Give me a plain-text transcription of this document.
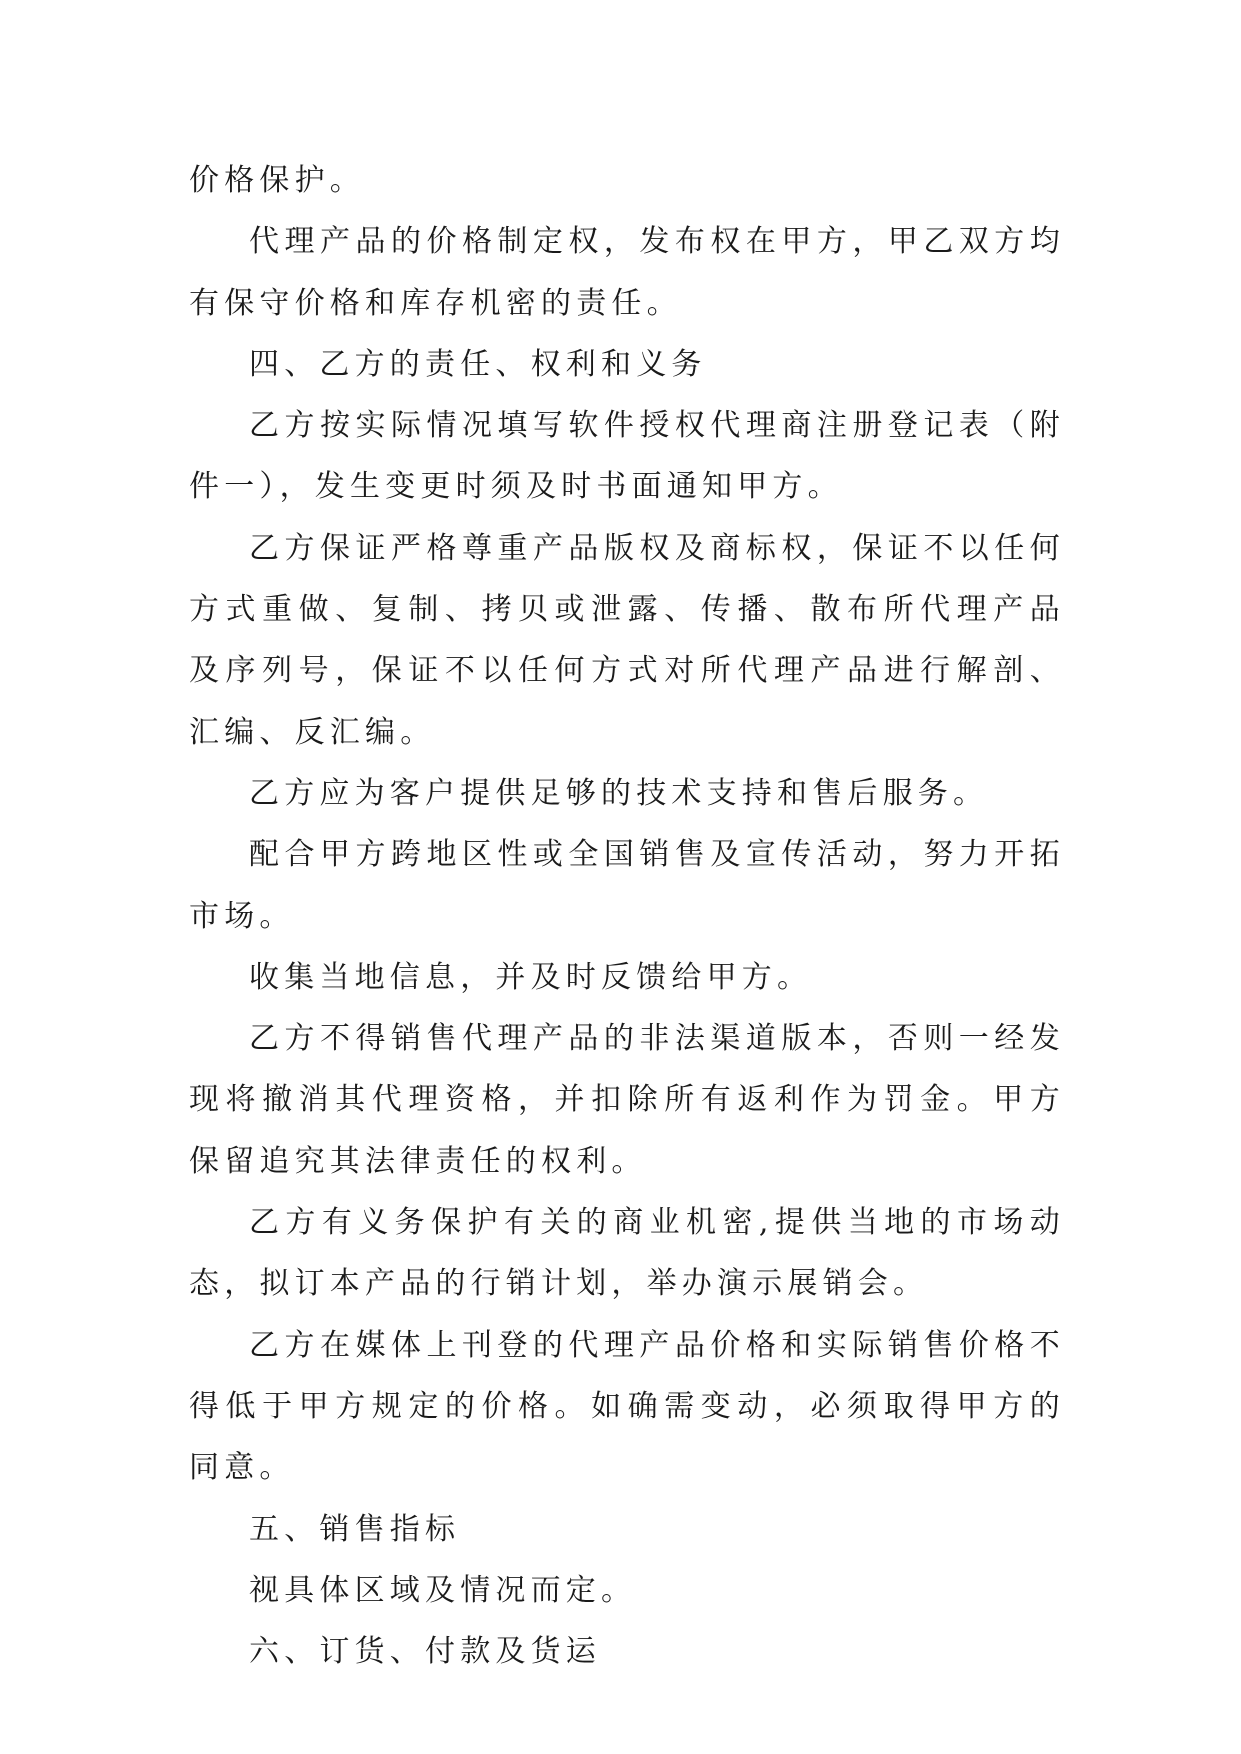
价格保护。

代理产品的价格制定权，发布权在甲方，甲乙双方均有保守价格和库存机密的责任。

四、乙方的责任、权利和义务

乙方按实际情况填写软件授权代理商注册登记表（附件一），发生变更时须及时书面通知甲方。

乙方保证严格尊重产品版权及商标权，保证不以任何方式重做、复制、拷贝或泄露、传播、散布所代理产品及序列号，保证不以任何方式对所代理产品进行解剖、汇编、反汇编。

乙方应为客户提供足够的技术支持和售后服务。

配合甲方跨地区性或全国销售及宣传活动，努力开拓市场。

收集当地信息，并及时反馈给甲方。

乙方不得销售代理产品的非法渠道版本，否则一经发现将撤消其代理资格，并扣除所有返利作为罚金。甲方保留追究其法律责任的权利。

乙方有义务保护有关的商业机密,提供当地的市场动态，拟订本产品的行销计划，举办演示展销会。

乙方在媒体上刊登的代理产品价格和实际销售价格不得低于甲方规定的价格。如确需变动，必须取得甲方的同意。

五、销售指标

视具体区域及情况而定。

六、订货、付款及货运
